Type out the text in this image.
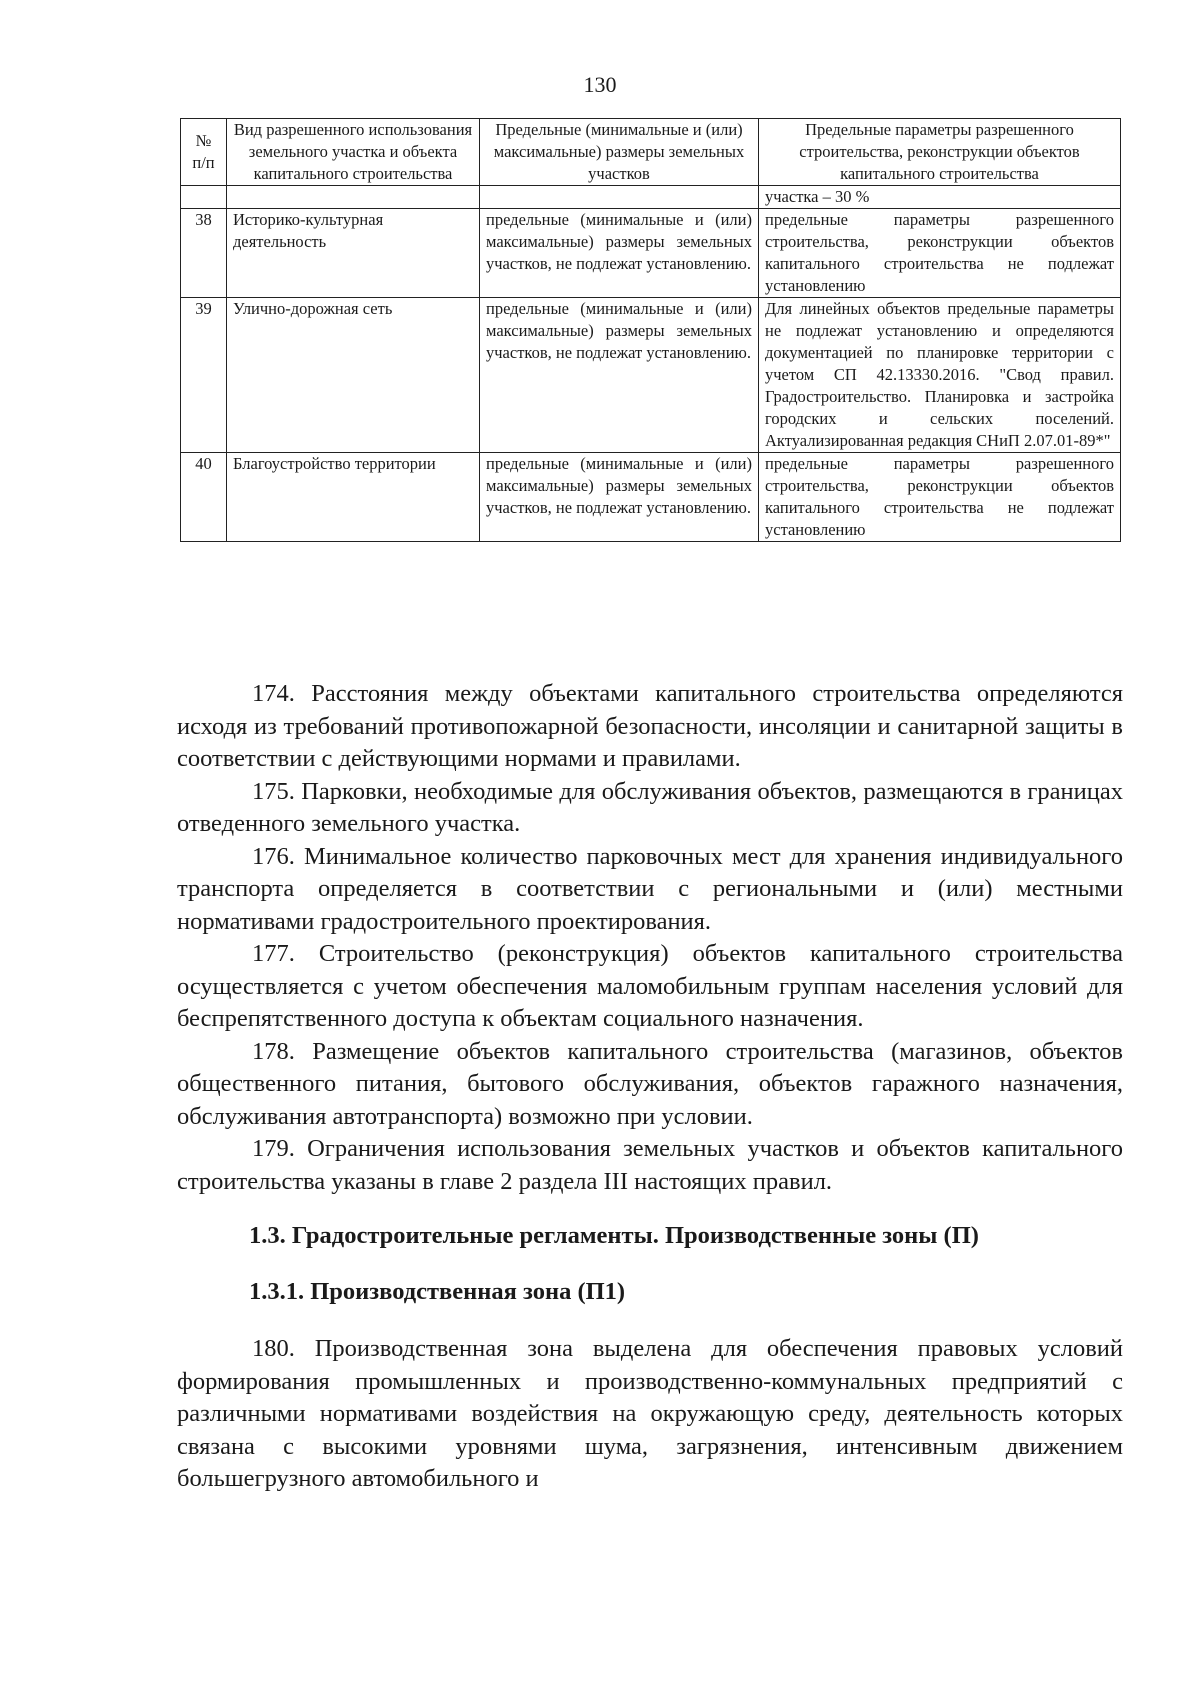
130
№ п/п	Вид разрешенного использования земельного участка и объекта капитального строительства	Предельные (минимальные и (или) максимальные) размеры земельных участков	Предельные параметры разрешенного строительства, реконструкции объектов капитального строительства
			участка – 30 %
38	Историко-культурная деятельность	предельные (минимальные и (или) максимальные) размеры земельных участков, не подлежат установлению.	предельные параметры разрешенного строительства, реконструкции объектов капитального строительства не подлежат установлению
39	Улично-дорожная сеть	предельные (минимальные и (или) максимальные) размеры земельных участков, не подлежат установлению.	Для линейных объектов предельные параметры не подлежат установлению и определяются документацией по планировке территории с учетом СП 42.13330.2016. "Свод правил. Градостроительство. Планировка и застройка городских и сельских поселений. Актуализированная редакция СНиП 2.07.01-89*"
40	Благоустройство территории	предельные (минимальные и (или) максимальные) размеры земельных участков, не подлежат установлению.	предельные параметры разрешенного строительства, реконструкции объектов капитального строительства не подлежат установлению

174. Расстояния между объектами капитального строительства определяются исходя из требований противопожарной безопасности, инсоляции и санитарной защиты в соответствии с действующими нормами и правилами.

175. Парковки, необходимые для обслуживания объектов, размещаются в границах отведенного земельного участка.

176. Минимальное количество парковочных мест для хранения индивидуального транспорта определяется в соответствии с региональными и (или) местными нормативами градостроительного проектирования.

177. Строительство (реконструкция) объектов капитального строительства осуществляется с учетом обеспечения маломобильным группам населения условий для беспрепятственного доступа к объектам социального назначения.

178. Размещение объектов капитального строительства (магазинов, объектов общественного питания, бытового обслуживания, объектов гаражного назначения, обслуживания автотранспорта) возможно при условии.

179. Ограничения использования земельных участков и объектов капитального строительства указаны в главе 2 раздела III настоящих правил.

1.3. Градостроительные регламенты. Производственные зоны (П)
1.3.1. Производственная зона (П1)

180. Производственная зона выделена для обеспечения правовых условий формирования промышленных и производственно-коммунальных предприятий с различными нормативами воздействия на окружающую среду, деятельность которых связана с высокими уровнями шума, загрязнения, интенсивным движением большегрузного автомобильного и
